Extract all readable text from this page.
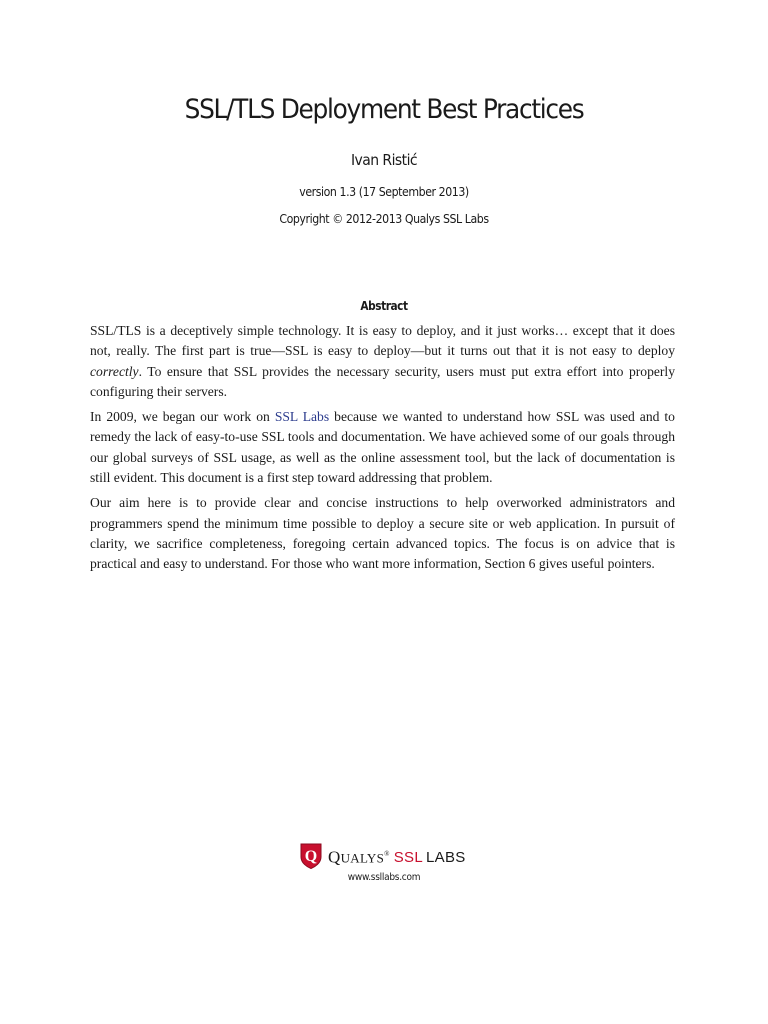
SSL/TLS Deployment Best Practices
Ivan Ristić
version 1.3 (17 September 2013)
Copyright © 2012-2013 Qualys SSL Labs
Abstract

SSL/TLS is a deceptively simple technology. It is easy to deploy, and it just works… except that it does not, really. The first part is true—SSL is easy to deploy—but it turns out that it is not easy to deploy correctly. To ensure that SSL provides the necessary security, users must put extra effort into properly configuring their servers.

In 2009, we began our work on SSL Labs because we wanted to understand how SSL was used and to remedy the lack of easy-to-use SSL tools and documentation. We have achieved some of our goals through our global surveys of SSL usage, as well as the online assessment tool, but the lack of documentation is still evident. This document is a first step toward addressing that problem.

Our aim here is to provide clear and concise instructions to help overworked administrators and programmers spend the minimum time possible to deploy a secure site or web application. In pursuit of clarity, we sacrifice completeness, foregoing certain advanced topics. The focus is on advice that is practical and easy to understand. For those who want more information, Section 6 gives useful pointers.

Q QUALYS® SSL LABS
www.ssllabs.com
